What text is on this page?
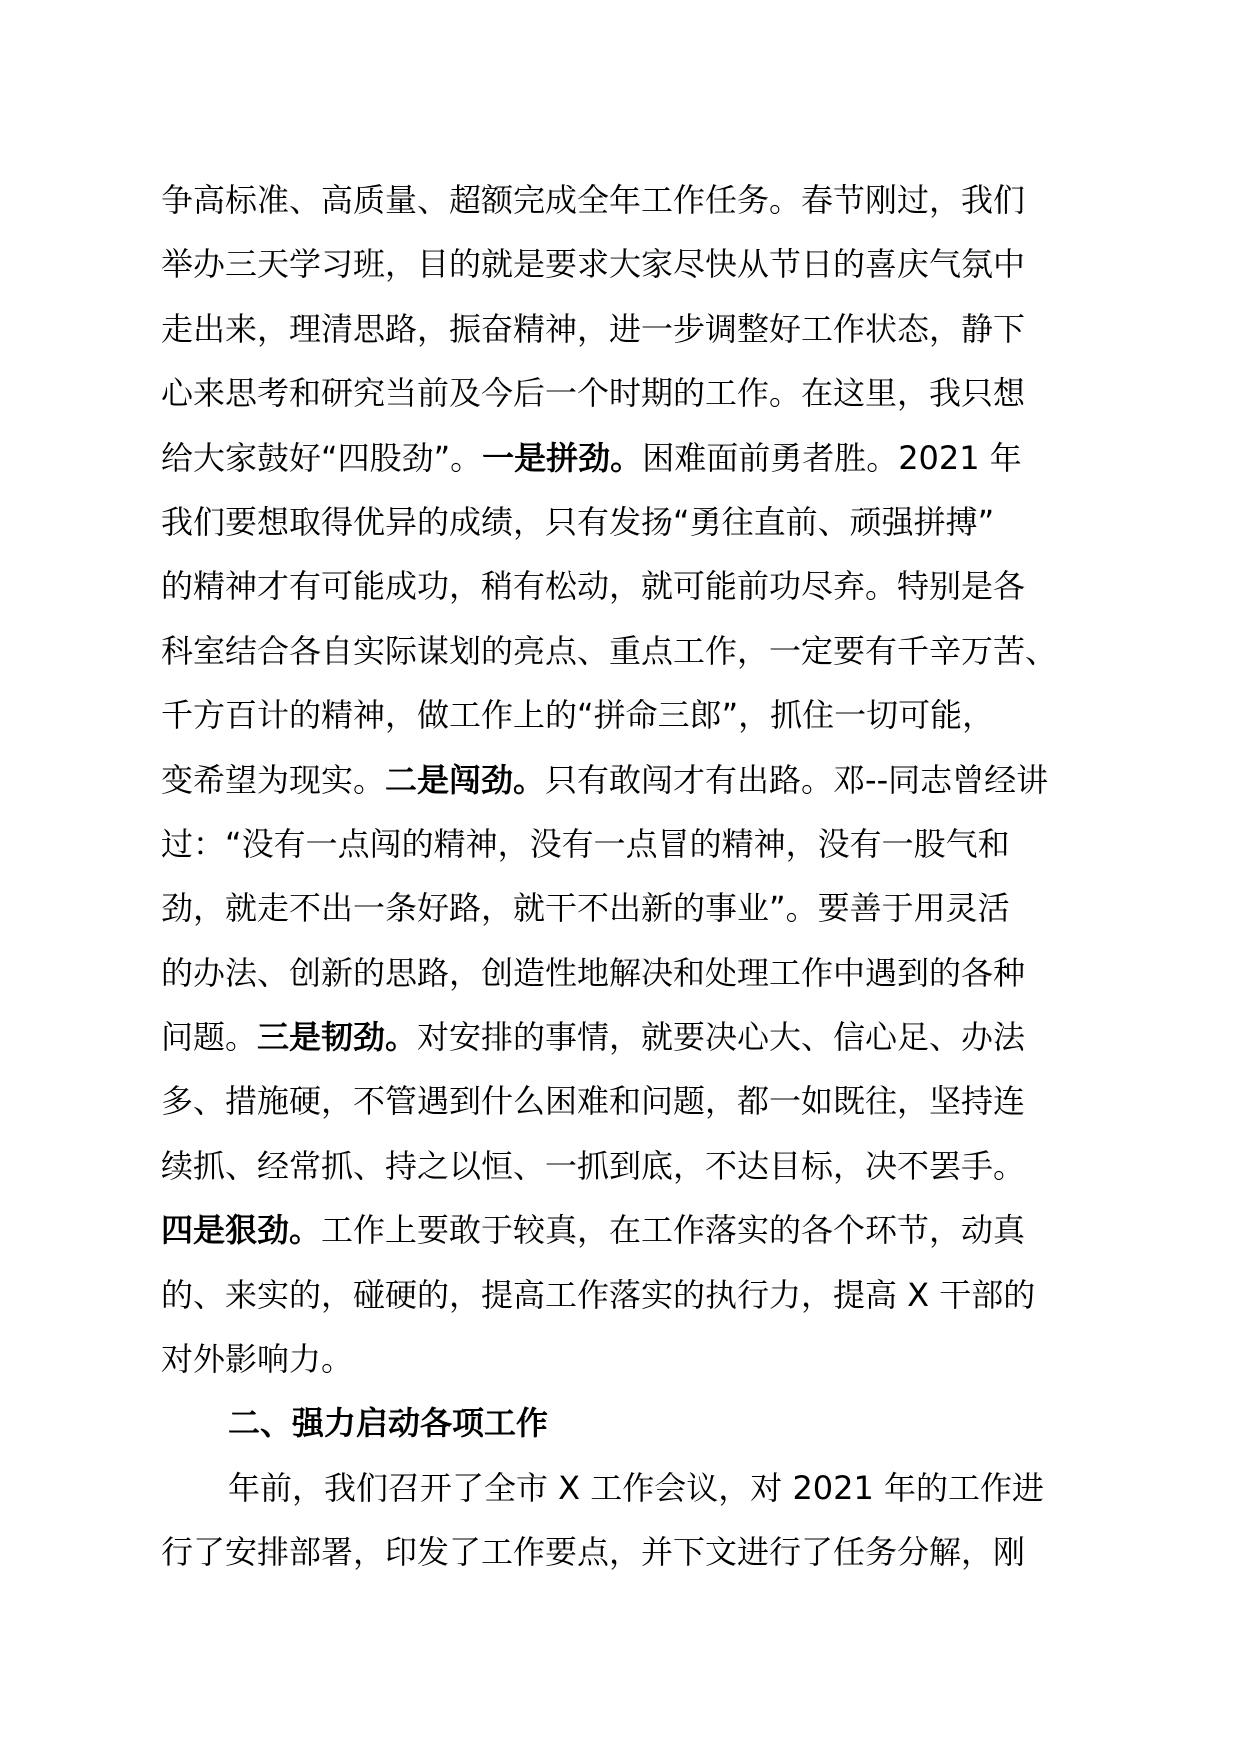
争高标准、高质量、超额完成全年工作任务。春节刚过，我们
举办三天学习班，目的就是要求大家尽快从节日的喜庆气氛中
走出来，理清思路，振奋精神，进一步调整好工作状态，静下
心来思考和研究当前及今后一个时期的工作。在这里，我只想
给大家鼓好“四股劲”。一是拼劲。困难面前勇者胜。2021 年
我们要想取得优异的成绩，只有发扬“勇往直前、顽强拼搏”
的精神才有可能成功，稍有松动，就可能前功尽弃。特别是各
科室结合各自实际谋划的亮点、重点工作，一定要有千辛万苦、
千方百计的精神，做工作上的“拼命三郎”，抓住一切可能，
变希望为现实。二是闯劲。只有敢闯才有出路。邓--同志曾经讲
过：“没有一点闯的精神，没有一点冒的精神，没有一股气和
劲，就走不出一条好路，就干不出新的事业”。要善于用灵活
的办法、创新的思路，创造性地解决和处理工作中遇到的各种
问题。三是韧劲。对安排的事情，就要决心大、信心足、办法
多、措施硬，不管遇到什么困难和问题，都一如既往，坚持连
续抓、经常抓、持之以恒、一抓到底，不达目标，决不罢手。
四是狠劲。工作上要敢于较真，在工作落实的各个环节，动真
的、来实的，碰硬的，提高工作落实的执行力，提高 X 干部的
对外影响力。
二、强力启动各项工作
年前，我们召开了全市 X 工作会议，对 2021 年的工作进
行了安排部署，印发了工作要点，并下文进行了任务分解，刚
